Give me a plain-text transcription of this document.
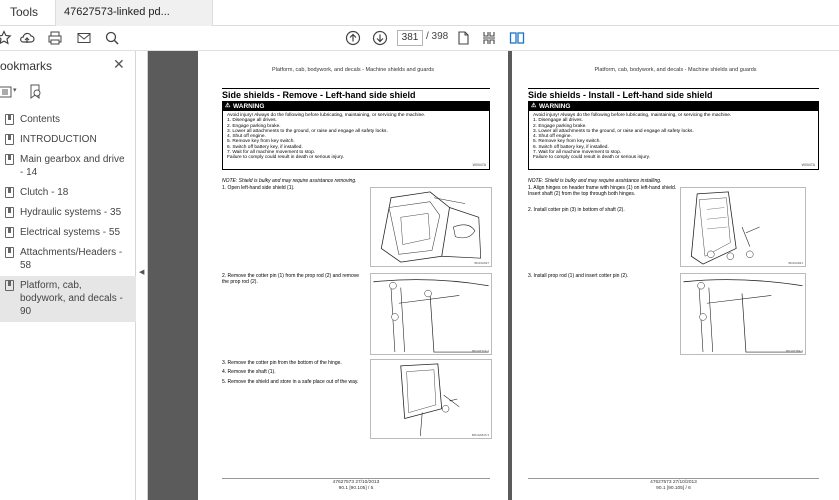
Tools	47627573-linked pd...
381 / 398
ookmarks	✕
▾
Contents
INTRODUCTION
Main gearbox and drive - 14
Clutch - 18
Hydraulic systems - 35
Electrical systems - 55
Attachments/Headers - 58
Platform, cab, bodywork, and decals - 90
◀
Platform, cab, bodywork, and decals - Machine shields and guards
Side shields - Remove - Left-hand side shield
⚠ WARNING
Avoid injury! Always do the following before lubricating, maintaining, or servicing the machine.
1. Disengage all drives.
2. Engage parking brake.
3. Lower all attachments to the ground, or raise and engage all safety locks.
4. Shut off engine.
5. Remove key from key switch.
6. Switch off battery key, if installed.
7. Wait for all machine movement to stop.
Failure to comply could result in death or serious injury.
W0047A
NOTE: Shield is bulky and may require assistance removing.
1. Open left-hand side shield (1).
2. Remove the cotter pin (1) from the prop rod (2) and remove the prop rod (2).
3. Remove the cotter pin from the bottom of the hinge.
4. Remove the shaft (1).
5. Remove the shield and store in a safe place out of the way.
BD16A697
BD10777A 2
BD16A840 3
47627573 27/10/2013
90.1 [90.105] / 5
Platform, cab, bodywork, and decals - Machine shields and guards
Side shields - Install - Left-hand side shield
⚠ WARNING
Avoid injury! Always do the following before lubricating, maintaining, or servicing the machine.
1. Disengage all drives.
2. Engage parking brake.
3. Lower all attachments to the ground, or raise and engage all safety locks.
4. Shut off engine.
5. Remove key from key switch.
6. Switch off battery key, if installed.
7. Wait for all machine movement to stop.
Failure to comply could result in death or serious injury.
W0047A
NOTE: Shield is bulky and may require assistance installing.
1. Align hinges on header frame with hinges (1) on left-hand shield. Insert shaft (2) from the top through both hinges.
2. Install cotter pin (3) in bottom of shaft (2).
3. Install prop rod (1) and insert cotter pin (2).
BD16A841
BD10778A 2
47627573 27/10/2013
90.1 [90.105] / 6
